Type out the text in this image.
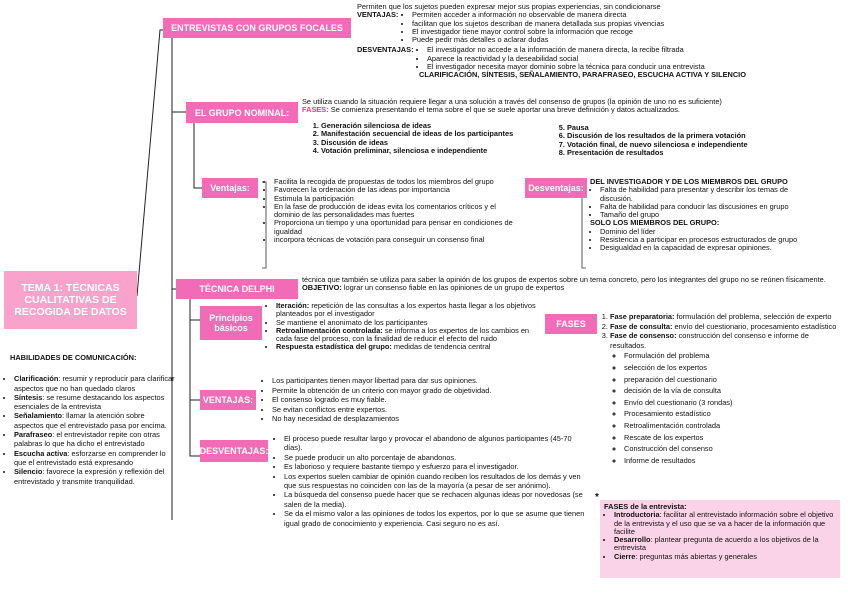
TEMA 1: TÉCNICAS CUALITATIVAS DE RECOGIDA DE DATOS
ENTREVISTAS CON GRUPOS FOCALES
Permiten que los sujetos pueden expresar mejor sus propias experiencias, sin condicionarse
VENTAJAS:	• Permiten acceder a información no observable de manera directa
• facilitan que los sujetos describan de manera detallada sus propias vivencias
• El investigador tiene mayor control sobre la información que recoge
• Puede pedir más detalles o aclarar dudas
DESVENTAJAS:	• El investigador no accede a la información de manera directa, la recibe filtrada
• Aparece la reactividad y la deseabilidad social
• El investigador necesita mayor dominio sobre la técnica para conducir una entrevista
CLARIFICACIÓN, SÍNTESIS, SEÑALAMIENTO, PARAFRASEO, ESCUCHA ACTIVA Y SILENCIO
EL GRUPO NOMINAL:
Se utiliza cuando la situación requiere llegar a una solución a través del consenso de grupos (la opinión de uno no es suficiente)
FASES: Se comienza presentando el tema sobre el que se suele aportar una breve definición y datos actualizados.
1. Generación silenciosa de ideas
2. Manifestación secuencial de ideas de los participantes
3. Discusión de ideas
4. Votación preliminar, silenciosa e independiente
5. Pausa
6. Discusión de los resultados de la primera votación
7. Votación final, de nuevo silenciosa e independiente
8. Presentación de resultados
Ventajas:
• Facilita la recogida de propuestas de todos los miembros del grupo
• Favorecen la ordenación de las ideas por importancia
• Estimula la participación
• En la fase de producción de ideas evita los comentarios críticos y el dominio de las personalidades mas fuertes
• Proporciona un tiempo y una oportunidad para pensar en condiciones de igualdad
• incorpora técnicas de votación para conseguir un consenso final
Desventajas:
DEL INVESTIGADOR Y DE LOS MIEMBROS DEL GRUPO
• Falta de habilidad para presentar y describir los temas de discusión.
• Falta de habilidad para conducir las discusiones en grupo
• Tamaño del grupo
SOLO LOS MIEMBROS DEL GRUPO:
• Dominio del líder
• Resistencia a participar en procesos estructurados de grupo
• Desigualdad en la capacidad de expresar opiniones.
TÉCNICA DELPHI
técnica que también se utiliza para saber la opinión de los grupos de expertos sobre un tema concreto, pero los integrantes del grupo no se reúnen físicamente. OBJETIVO: lograr un consenso fiable en las opiniones de un grupo de expertos
Principios básicos
• Iteración: repetición de las consultas a los expertos hasta llegar a los objetivos planteados por el investigador
• Se mantiene el anonimato de los participantes
• Retroalimentación controlada: se informa a los expertos de los cambios en cada fase del proceso, con la finalidad de reducir el efecto del ruido
• Respuesta estadística del grupo: medidas de tendencia central
VENTAJAS:
• Los participantes tienen mayor libertad para dar sus opiniones.
• Permite la obtención de un criterio con mayor grado de objetividad.
• El consenso logrado es muy fiable.
• Se evitan conflictos entre expertos.
• No hay necesidad de desplazamientos
DESVENTAJAS:
• El proceso puede resultar largo y provocar el abandono de algunos participantes (45-70 días).
• Se puede producir un alto porcentaje de abandonos.
• Es laborioso y requiere bastante tiempo y esfuerzo para el investigador.
• Los expertos suelen cambiar de opinión cuando reciben los resultados de los demás y ven que sus respuestas no coinciden con las de la mayoría (a pesar de ser anónimo).
• La búsqueda del consenso puede hacer que se rechacen algunas ideas por novedosas (se salen de la media).
• Se da el mismo valor a las opiniones de todos los expertos, por lo que se asume que tienen igual grado de conocimiento y experiencia. Casi seguro no es así.
FASES
1. Fase preparatoria: formulación del problema, selección de experto
2. Fase de consulta: envío del cuestionario, procesamiento estadístico
3. Fase de consenso: construcción del consenso e informe de resultados.
◦ Formulación del problema
◦ selección de los expertos
◦ preparación del cuestionario
◦ decisión de la vía de consulta
◦ Envío del cuestionario (3 rondas)
◦ Procesamiento estadístico
◦ Retroalimentación controlada
◦ Rescate de los expertos
◦ Construcción del consenso
◦ Informe de resultados
HABILIDADES DE COMUNICACIÓN:
• Clarificación: resumir y reproducir para clarificar aspectos que no han quedado claros
• Síntesis: se resume destacando los aspectos esenciales de la entrevista
• Señalamiento: llamar la atención sobre aspectos que el entrevistado pasa por encima.
• Parafraseo: el entrevistador repite con otras palabras lo que ha dicho el entrevistado
• Escucha activa: esforzarse en comprender lo que el entrevistado está expresando
• Silencio: favorece la expresión y reflexión del entrevistado y transmite tranquilidad.
*
FASES de la entrevista:
• Introductoria: facilitar al entrevistado información sobre el objetivo de la entrevista y el uso que se va a hacer de la información que facilite
• Desarrollo: plantear pregunta de acuerdo a los objetivos de la entrevista
• Cierre: preguntas más abiertas y generales
